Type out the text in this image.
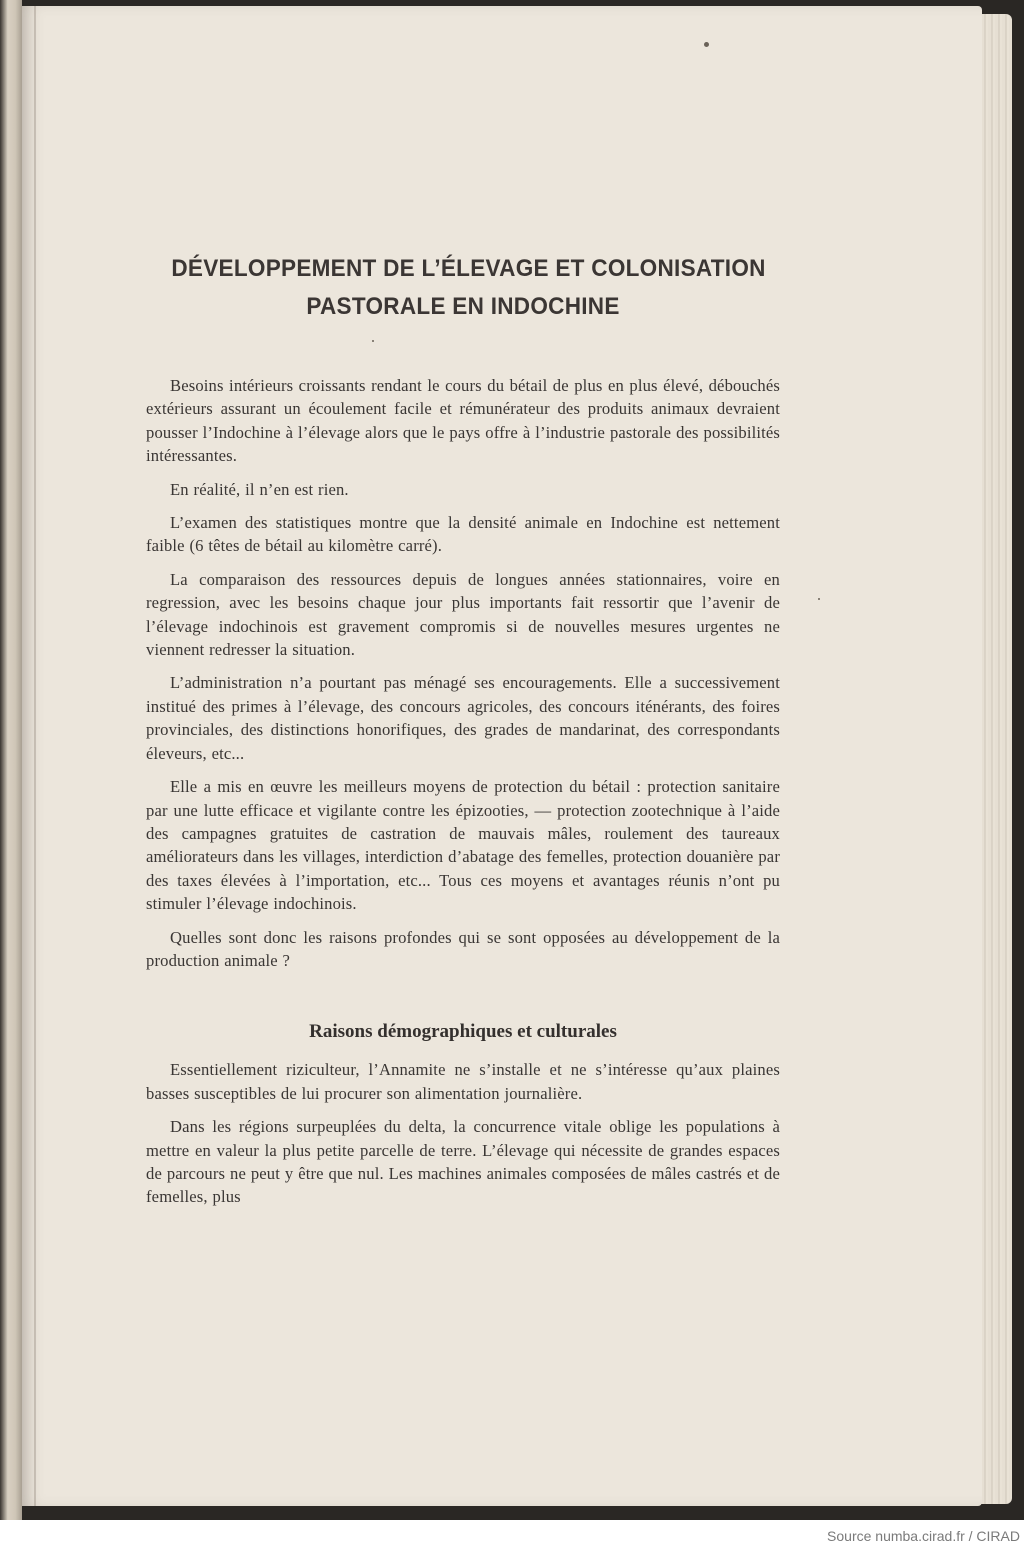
DÉVELOPPEMENT DE L’ÉLEVAGE ET COLONISATION
PASTORALE EN INDOCHINE

Besoins intérieurs croissants rendant le cours du bétail de plus en plus élevé, débouchés extérieurs assurant un écoulement facile et rémunérateur des produits animaux devraient pousser l’Indochine à l’élevage alors que le pays offre à l’industrie pastorale des possibilités intéressantes.

En réalité, il n’en est rien.

L’examen des statistiques montre que la densité animale en Indochine est nettement faible (6 têtes de bétail au kilomètre carré).

La comparaison des ressources depuis de longues années stationnaires, voire en regression, avec les besoins chaque jour plus importants fait ressortir que l’avenir de l’élevage indochinois est gravement compromis si de nouvelles mesures urgentes ne viennent redresser la situation.

L’administration n’a pourtant pas ménagé ses encouragements. Elle a successivement institué des primes à l’élevage, des concours agricoles, des concours iténérants, des foires provinciales, des distinctions honorifiques, des grades de mandarinat, des correspondants éleveurs, etc...

Elle a mis en œuvre les meilleurs moyens de protection du bétail : protection sanitaire par une lutte efficace et vigilante contre les épizooties, — protection zootechnique à l’aide des campagnes gratuites de castration de mauvais mâles, roulement des taureaux améliorateurs dans les villages, interdiction d’abatage des femelles, protection douanière par des taxes élevées à l’importation, etc... Tous ces moyens et avantages réunis n’ont pu stimuler l’élevage indochinois.

Quelles sont donc les raisons profondes qui se sont opposées au développement de la production animale ?

Raisons démographiques et culturales

Essentiellement riziculteur, l’Annamite ne s’installe et ne s’intéresse qu’aux plaines basses susceptibles de lui procurer son alimentation journalière.

Dans les régions surpeuplées du delta, la concurrence vitale oblige les populations à mettre en valeur la plus petite parcelle de terre. L’élevage qui nécessite de grandes espaces de parcours ne peut y être que nul. Les machines animales composées de mâles castrés et de femelles, plus

Source numba.cirad.fr / CIRAD
